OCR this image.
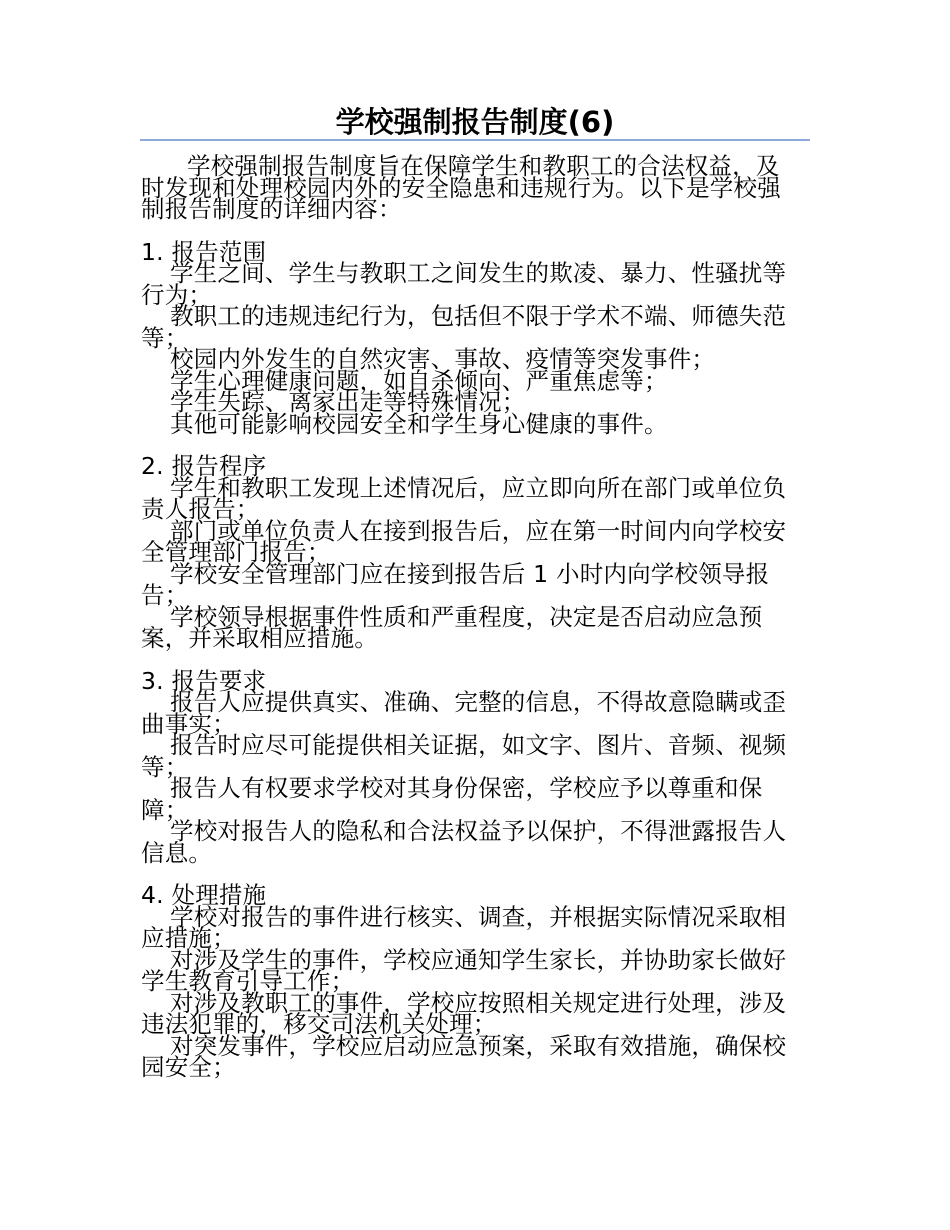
学校强制报告制度(6)

学校强制报告制度旨在保障学生和教职工的合法权益，及时发现和处理校园内外的安全隐患和违规行为。以下是学校强制报告制度的详细内容：

1. 报告范围

学生之间、学生与教职工之间发生的欺凌、暴力、性骚扰等行为；

教职工的违规违纪行为，包括但不限于学术不端、师德失范等；

校园内外发生的自然灾害、事故、疫情等突发事件；

学生心理健康问题，如自杀倾向、严重焦虑等；

学生失踪、离家出走等特殊情况；

其他可能影响校园安全和学生身心健康的事件。

2. 报告程序

学生和教职工发现上述情况后，应立即向所在部门或单位负责人报告；

部门或单位负责人在接到报告后，应在第一时间内向学校安全管理部门报告；

学校安全管理部门应在接到报告后 1 小时内向学校领导报告；

学校领导根据事件性质和严重程度，决定是否启动应急预案，并采取相应措施。

3. 报告要求

报告人应提供真实、准确、完整的信息，不得故意隐瞒或歪曲事实；

报告时应尽可能提供相关证据，如文字、图片、音频、视频等；

报告人有权要求学校对其身份保密，学校应予以尊重和保障；

学校对报告人的隐私和合法权益予以保护，不得泄露报告人信息。

4. 处理措施

学校对报告的事件进行核实、调查，并根据实际情况采取相应措施；

对涉及学生的事件，学校应通知学生家长，并协助家长做好学生教育引导工作；

对涉及教职工的事件，学校应按照相关规定进行处理，涉及违法犯罪的，移交司法机关处理；

对突发事件，学校应启动应急预案，采取有效措施，确保校园安全；
